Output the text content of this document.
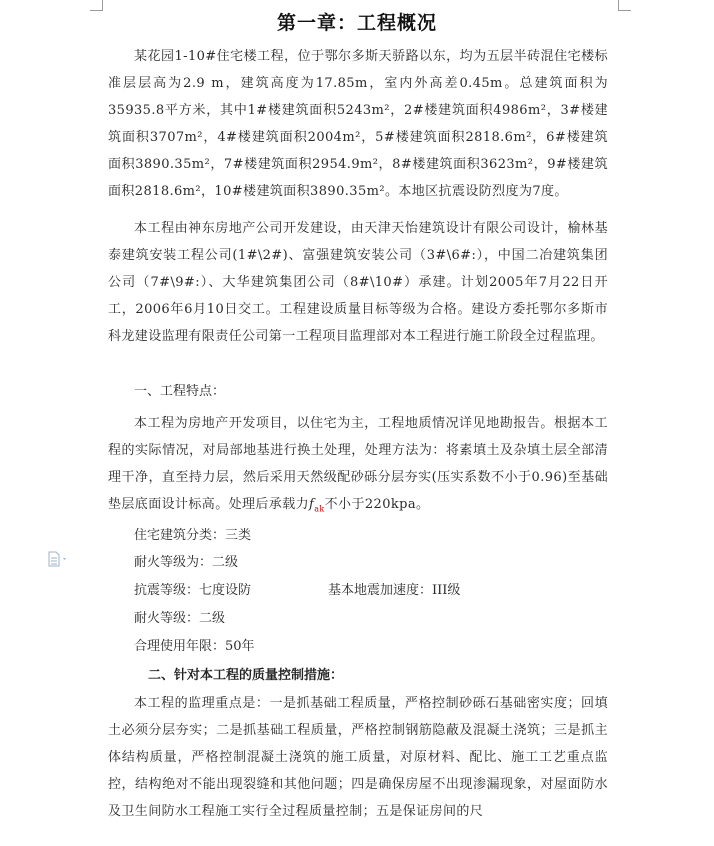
第一章：工程概况

某花园1-10#住宅楼工程，位于鄂尔多斯天骄路以东，均为五层半砖混住宅楼标准层层高为2.9 m，建筑高度为17.85m，室内外高差0.45m。总建筑面积为35935.8平方米，其中1#楼建筑面积5243m²，2#楼建筑面积4986m²，3#楼建筑面积3707m²，4#楼建筑面积2004m²，5#楼建筑面积2818.6m²，6#楼建筑面积3890.35m²，7#楼建筑面积2954.9m²，8#楼建筑面积3623m²，9#楼建筑面积2818.6m²，10#楼建筑面积3890.35m²。本地区抗震设防烈度为7度。

本工程由神东房地产公司开发建设，由天津天怡建筑设计有限公司设计，榆林基泰建筑安装工程公司(1#\2#)、富强建筑安装公司（3#\6#:），中国二冶建筑集团公司（7#\9#:）、大华建筑集团公司（8#\10#）承建。计划2005年7月22日开工，2006年6月10日交工。工程建设质量目标等级为合格。建设方委托鄂尔多斯市科龙建设监理有限责任公司第一工程项目监理部对本工程进行施工阶段全过程监理。

一、工程特点：

本工程为房地产开发项目，以住宅为主，工程地质情况详见地勘报告。根据本工程的实际情况，对局部地基进行换土处理，处理方法为：将素填土及杂填土层全部清理干净，直至持力层，然后采用天然级配砂砾分层夯实(压实系数不小于0.96)至基础垫层底面设计标高。处理后承载力$f_{ak}$不小于220kpa。

住宅建筑分类：三类
耐火等级为：二级
抗震等级：七度设防	基本地震加速度：III级
耐火等级：二级
合理使用年限：50年
二、针对本工程的质量控制措施：

本工程的监理重点是：一是抓基础工程质量，严格控制砂砾石基础密实度；回填土必须分层夯实；二是抓基础工程质量，严格控制钢筋隐蔽及混凝土浇筑；三是抓主体结构质量，严格控制混凝土浇筑的施工质量，对原材料、配比、施工工艺重点监控，结构绝对不能出现裂缝和其他问题；四是确保房屋不出现渗漏现象，对屋面防水及卫生间防水工程施工实行全过程质量控制；五是保证房间的尺
